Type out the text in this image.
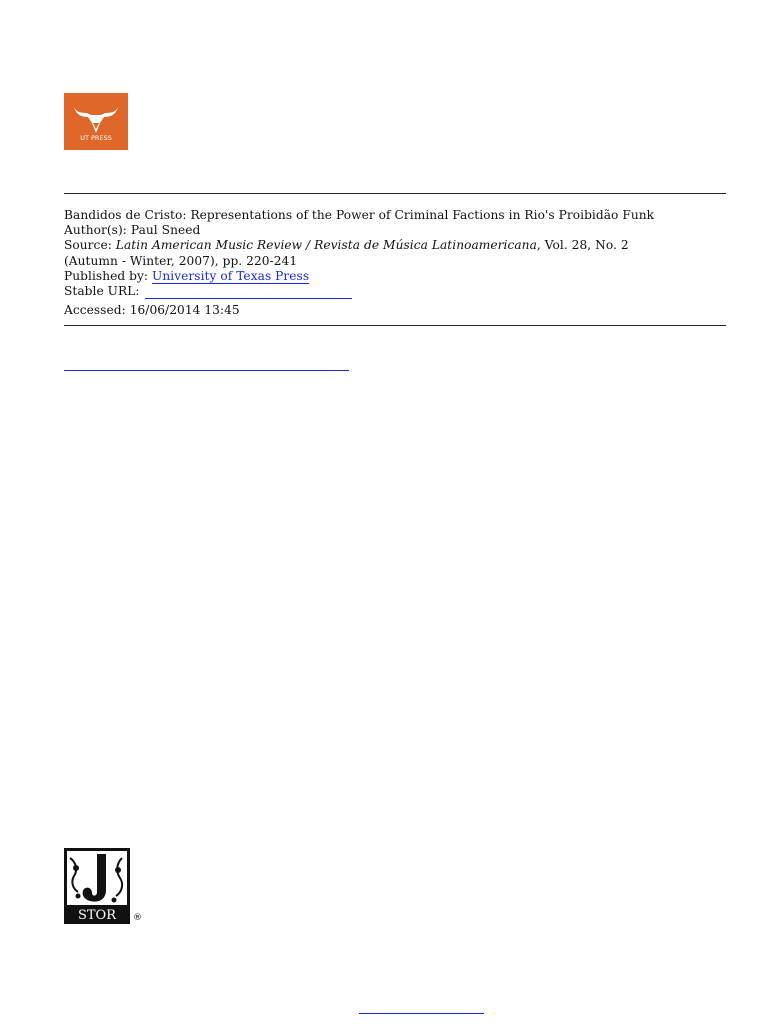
UT PRESS
Bandidos de Cristo: Representations of the Power of Criminal Factions in Rio's Proibidão Funk
Author(s): Paul Sneed
Source: Latin American Music Review / Revista de Música Latinoamericana, Vol. 28, No. 2
(Autumn - Winter, 2007), pp. 220-241
Published by: University of Texas Press
Stable URL:
Accessed: 16/06/2014 13:45
STOR ®
